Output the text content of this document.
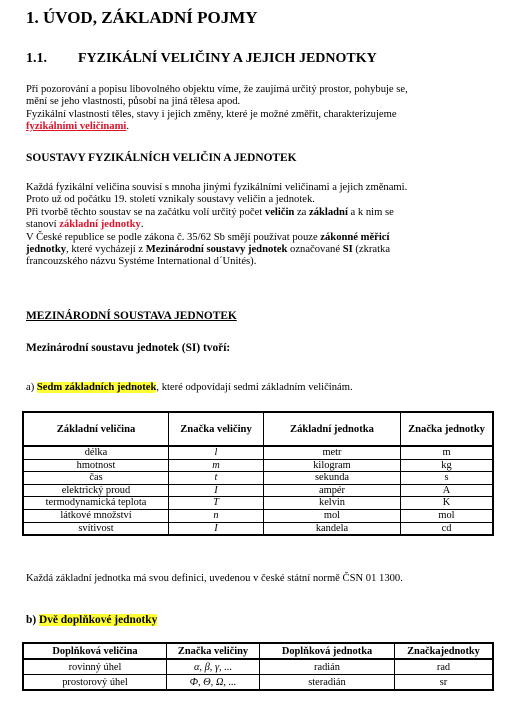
1. ÚVOD, ZÁKLADNÍ POJMY
1.1. FYZIKÁLNÍ VELIČINY A JEJICH JEDNOTKY
Při pozorování a popisu libovolného objektu víme, že zaujímá určitý prostor, pohybuje se,
mění se jeho vlastnosti, působí na jiná tělesa apod.
Fyzikální vlastnosti těles, stavy i jejich změny, které je možné změřit, charakterizujeme
fyzikálními veličinami.
SOUSTAVY FYZIKÁLNÍCH VELIČIN A JEDNOTEK
Každá fyzikální veličina souvisí s mnoha jinými fyzikálními veličinami a jejich změnami.
Proto už od počátku 19. století vznikaly soustavy veličin a jednotek.
Při tvorbě těchto soustav se na začátku volí určitý počet veličin za základní a k nim se
stanoví základní jednotky.
V České republice se podle zákona č. 35/62 Sb smějí používat pouze zákonné měřicí
jednotky, které vycházejí z Mezinárodní soustavy jednotek označované SI (zkratka
francouzského názvu Systéme International d´Unités).
MEZINÁRODNÍ SOUSTAVA JEDNOTEK
Mezinárodní soustavu jednotek (SI) tvoří:
a) Sedm základních jednotek, které odpovídají sedmi základním veličinám.
Základní veličina	Značka veličiny	Základní jednotka	Značka jednotky
délka	l	metr	m
hmotnost	m	kilogram	kg
čas	t	sekunda	s
elektrický proud	I	ampér	A
termodynamická teplota	T	kelvin	K
látkové množství	n	mol	mol
svítivost	I	kandela	cd
Každá základní jednotka má svou definici, uvedenou v české státní normě ČSN 01 1300.
b) Dvě doplňkové jednotky
Doplňková veličina	Značka veličiny	Doplňková jednotka	Značkajednotky
rovinný úhel	α, β, γ, ...	radián	rad
prostorový úhel	Ф, Θ, Ω, ...	steradián	sr
